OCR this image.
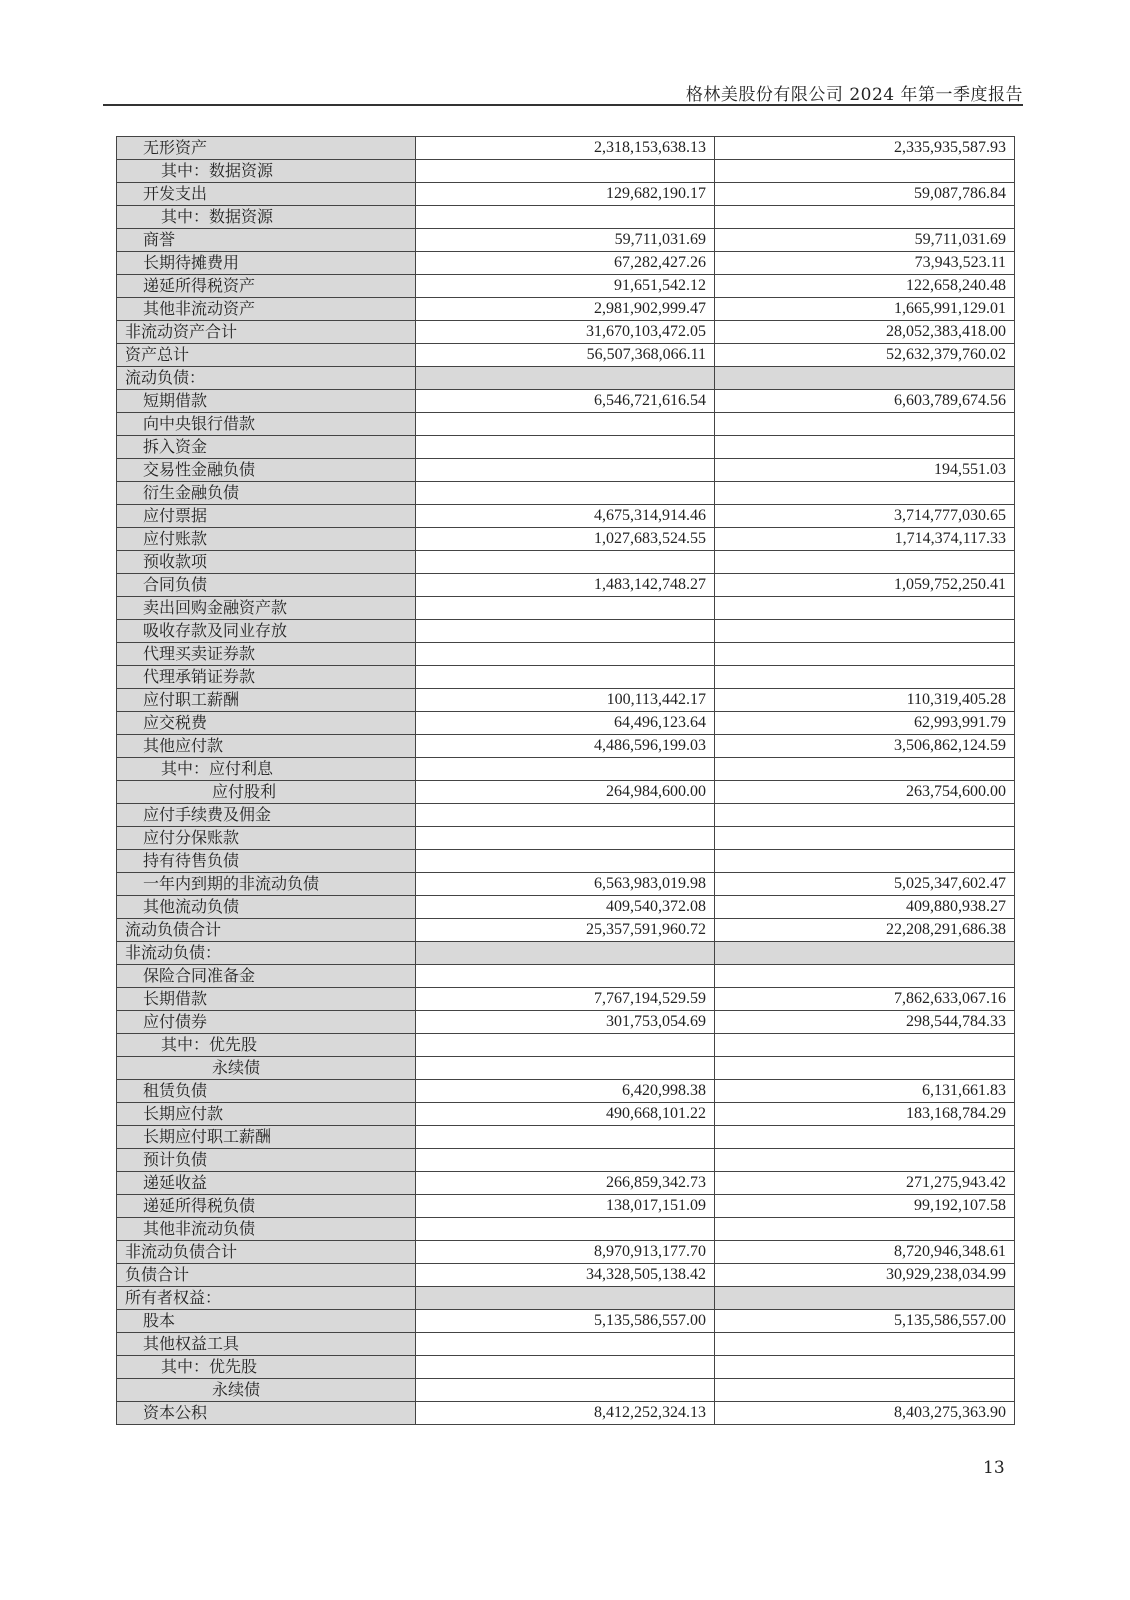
格林美股份有限公司 2024 年第一季度报告
无形资产	2,318,153,638.13	2,335,935,587.93
其中：数据资源		
开发支出	129,682,190.17	59,087,786.84
其中：数据资源		
商誉	59,711,031.69	59,711,031.69
长期待摊费用	67,282,427.26	73,943,523.11
递延所得税资产	91,651,542.12	122,658,240.48
其他非流动资产	2,981,902,999.47	1,665,991,129.01
非流动资产合计	31,670,103,472.05	28,052,383,418.00
资产总计	56,507,368,066.11	52,632,379,760.02
流动负债：		
短期借款	6,546,721,616.54	6,603,789,674.56
向中央银行借款		
拆入资金		
交易性金融负债		194,551.03
衍生金融负债		
应付票据	4,675,314,914.46	3,714,777,030.65
应付账款	1,027,683,524.55	1,714,374,117.33
预收款项		
合同负债	1,483,142,748.27	1,059,752,250.41
卖出回购金融资产款		
吸收存款及同业存放		
代理买卖证券款		
代理承销证券款		
应付职工薪酬	100,113,442.17	110,319,405.28
应交税费	64,496,123.64	62,993,991.79
其他应付款	4,486,596,199.03	3,506,862,124.59
其中：应付利息		
应付股利	264,984,600.00	263,754,600.00
应付手续费及佣金		
应付分保账款		
持有待售负债		
一年内到期的非流动负债	6,563,983,019.98	5,025,347,602.47
其他流动负债	409,540,372.08	409,880,938.27
流动负债合计	25,357,591,960.72	22,208,291,686.38
非流动负债：		
保险合同准备金		
长期借款	7,767,194,529.59	7,862,633,067.16
应付债券	301,753,054.69	298,544,784.33
其中：优先股		
永续债		
租赁负债	6,420,998.38	6,131,661.83
长期应付款	490,668,101.22	183,168,784.29
长期应付职工薪酬		
预计负债		
递延收益	266,859,342.73	271,275,943.42
递延所得税负债	138,017,151.09	99,192,107.58
其他非流动负债		
非流动负债合计	8,970,913,177.70	8,720,946,348.61
负债合计	34,328,505,138.42	30,929,238,034.99
所有者权益：		
股本	5,135,586,557.00	5,135,586,557.00
其他权益工具		
其中：优先股		
永续债		
资本公积	8,412,252,324.13	8,403,275,363.90
13
